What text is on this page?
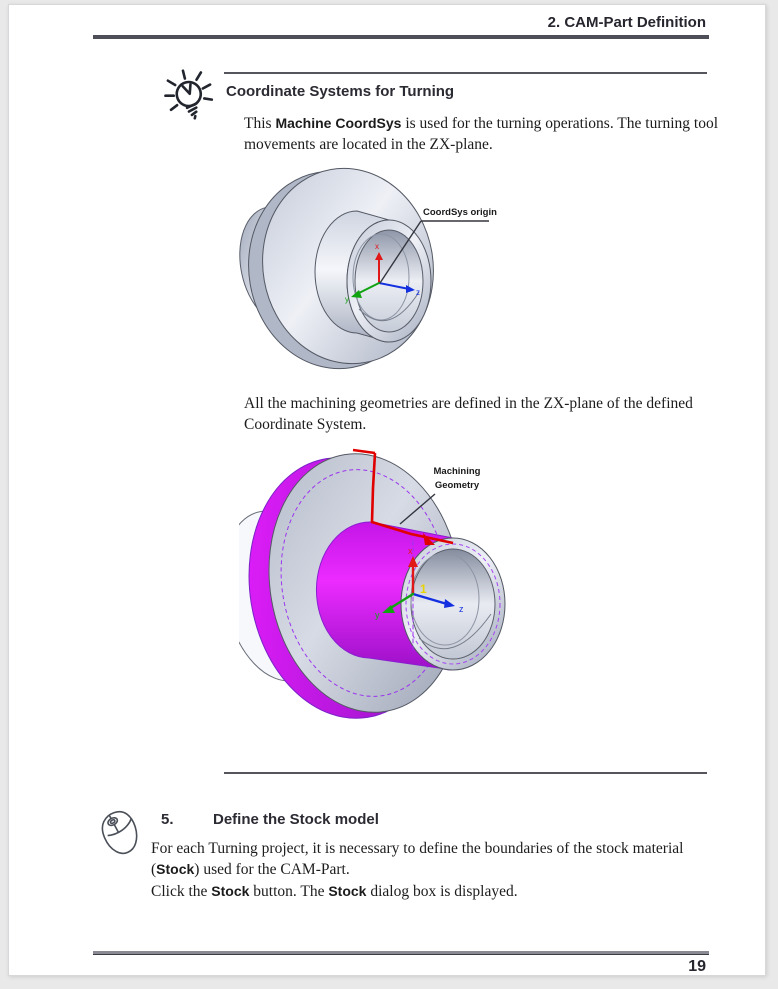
2. CAM-Part Definition
Coordinate Systems for Turning
This Machine CoordSys is used for the turning operations. The turning tool movements are located in the ZX-plane.
x
z
y
CoordSys origin
All the machining geometries are defined in the ZX-plane of the defined Coordinate System.
x
z
y
1
Machining
Geometry
5.	Define the Stock model
For each Turning project, it is necessary to define the boundaries of the stock material (Stock) used for the CAM-Part.
Click the Stock button. The Stock dialog box is displayed.
19
